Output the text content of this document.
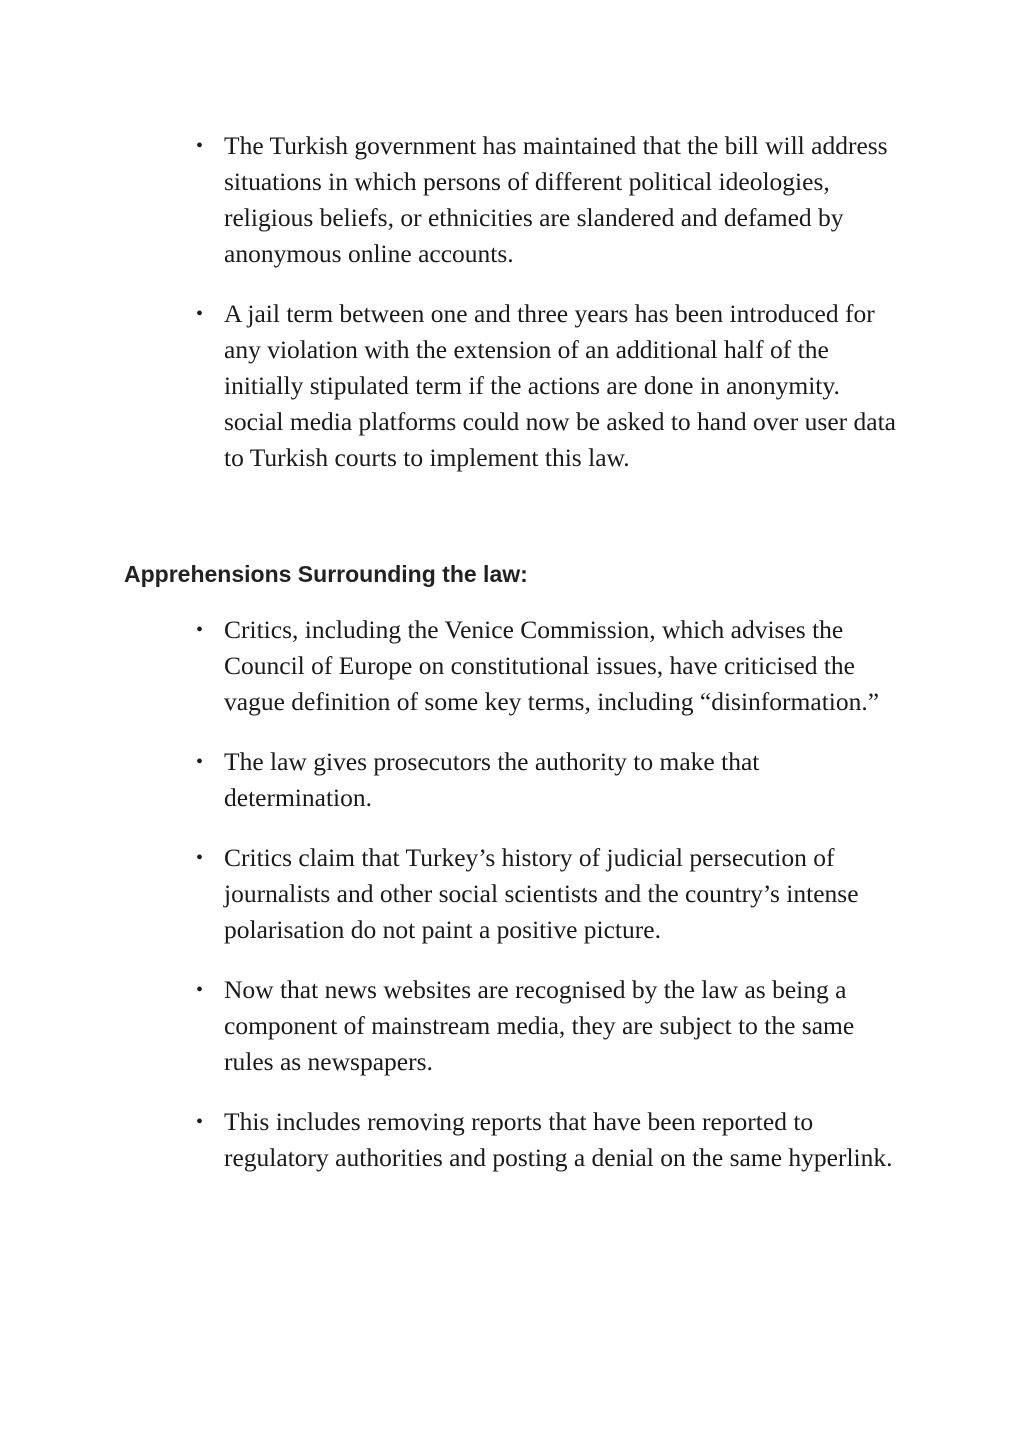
• The Turkish government has maintained that the bill will address situations in which persons of different political ideologies, religious beliefs, or ethnicities are slandered and defamed by anonymous online accounts.
• A jail term between one and three years has been introduced for any violation with the extension of an additional half of the initially stipulated term if the actions are done in anonymity. social media platforms could now be asked to hand over user data to Turkish courts to implement this law.
Apprehensions Surrounding the law:
• Critics, including the Venice Commission, which advises the Council of Europe on constitutional issues, have criticised the vague definition of some key terms, including “disinformation.”
• The law gives prosecutors the authority to make that determination.
• Critics claim that Turkey’s history of judicial persecution of journalists and other social scientists and the country’s intense polarisation do not paint a positive picture.
• Now that news websites are recognised by the law as being a component of mainstream media, they are subject to the same rules as newspapers.
• This includes removing reports that have been reported to regulatory authorities and posting a denial on the same hyperlink.
